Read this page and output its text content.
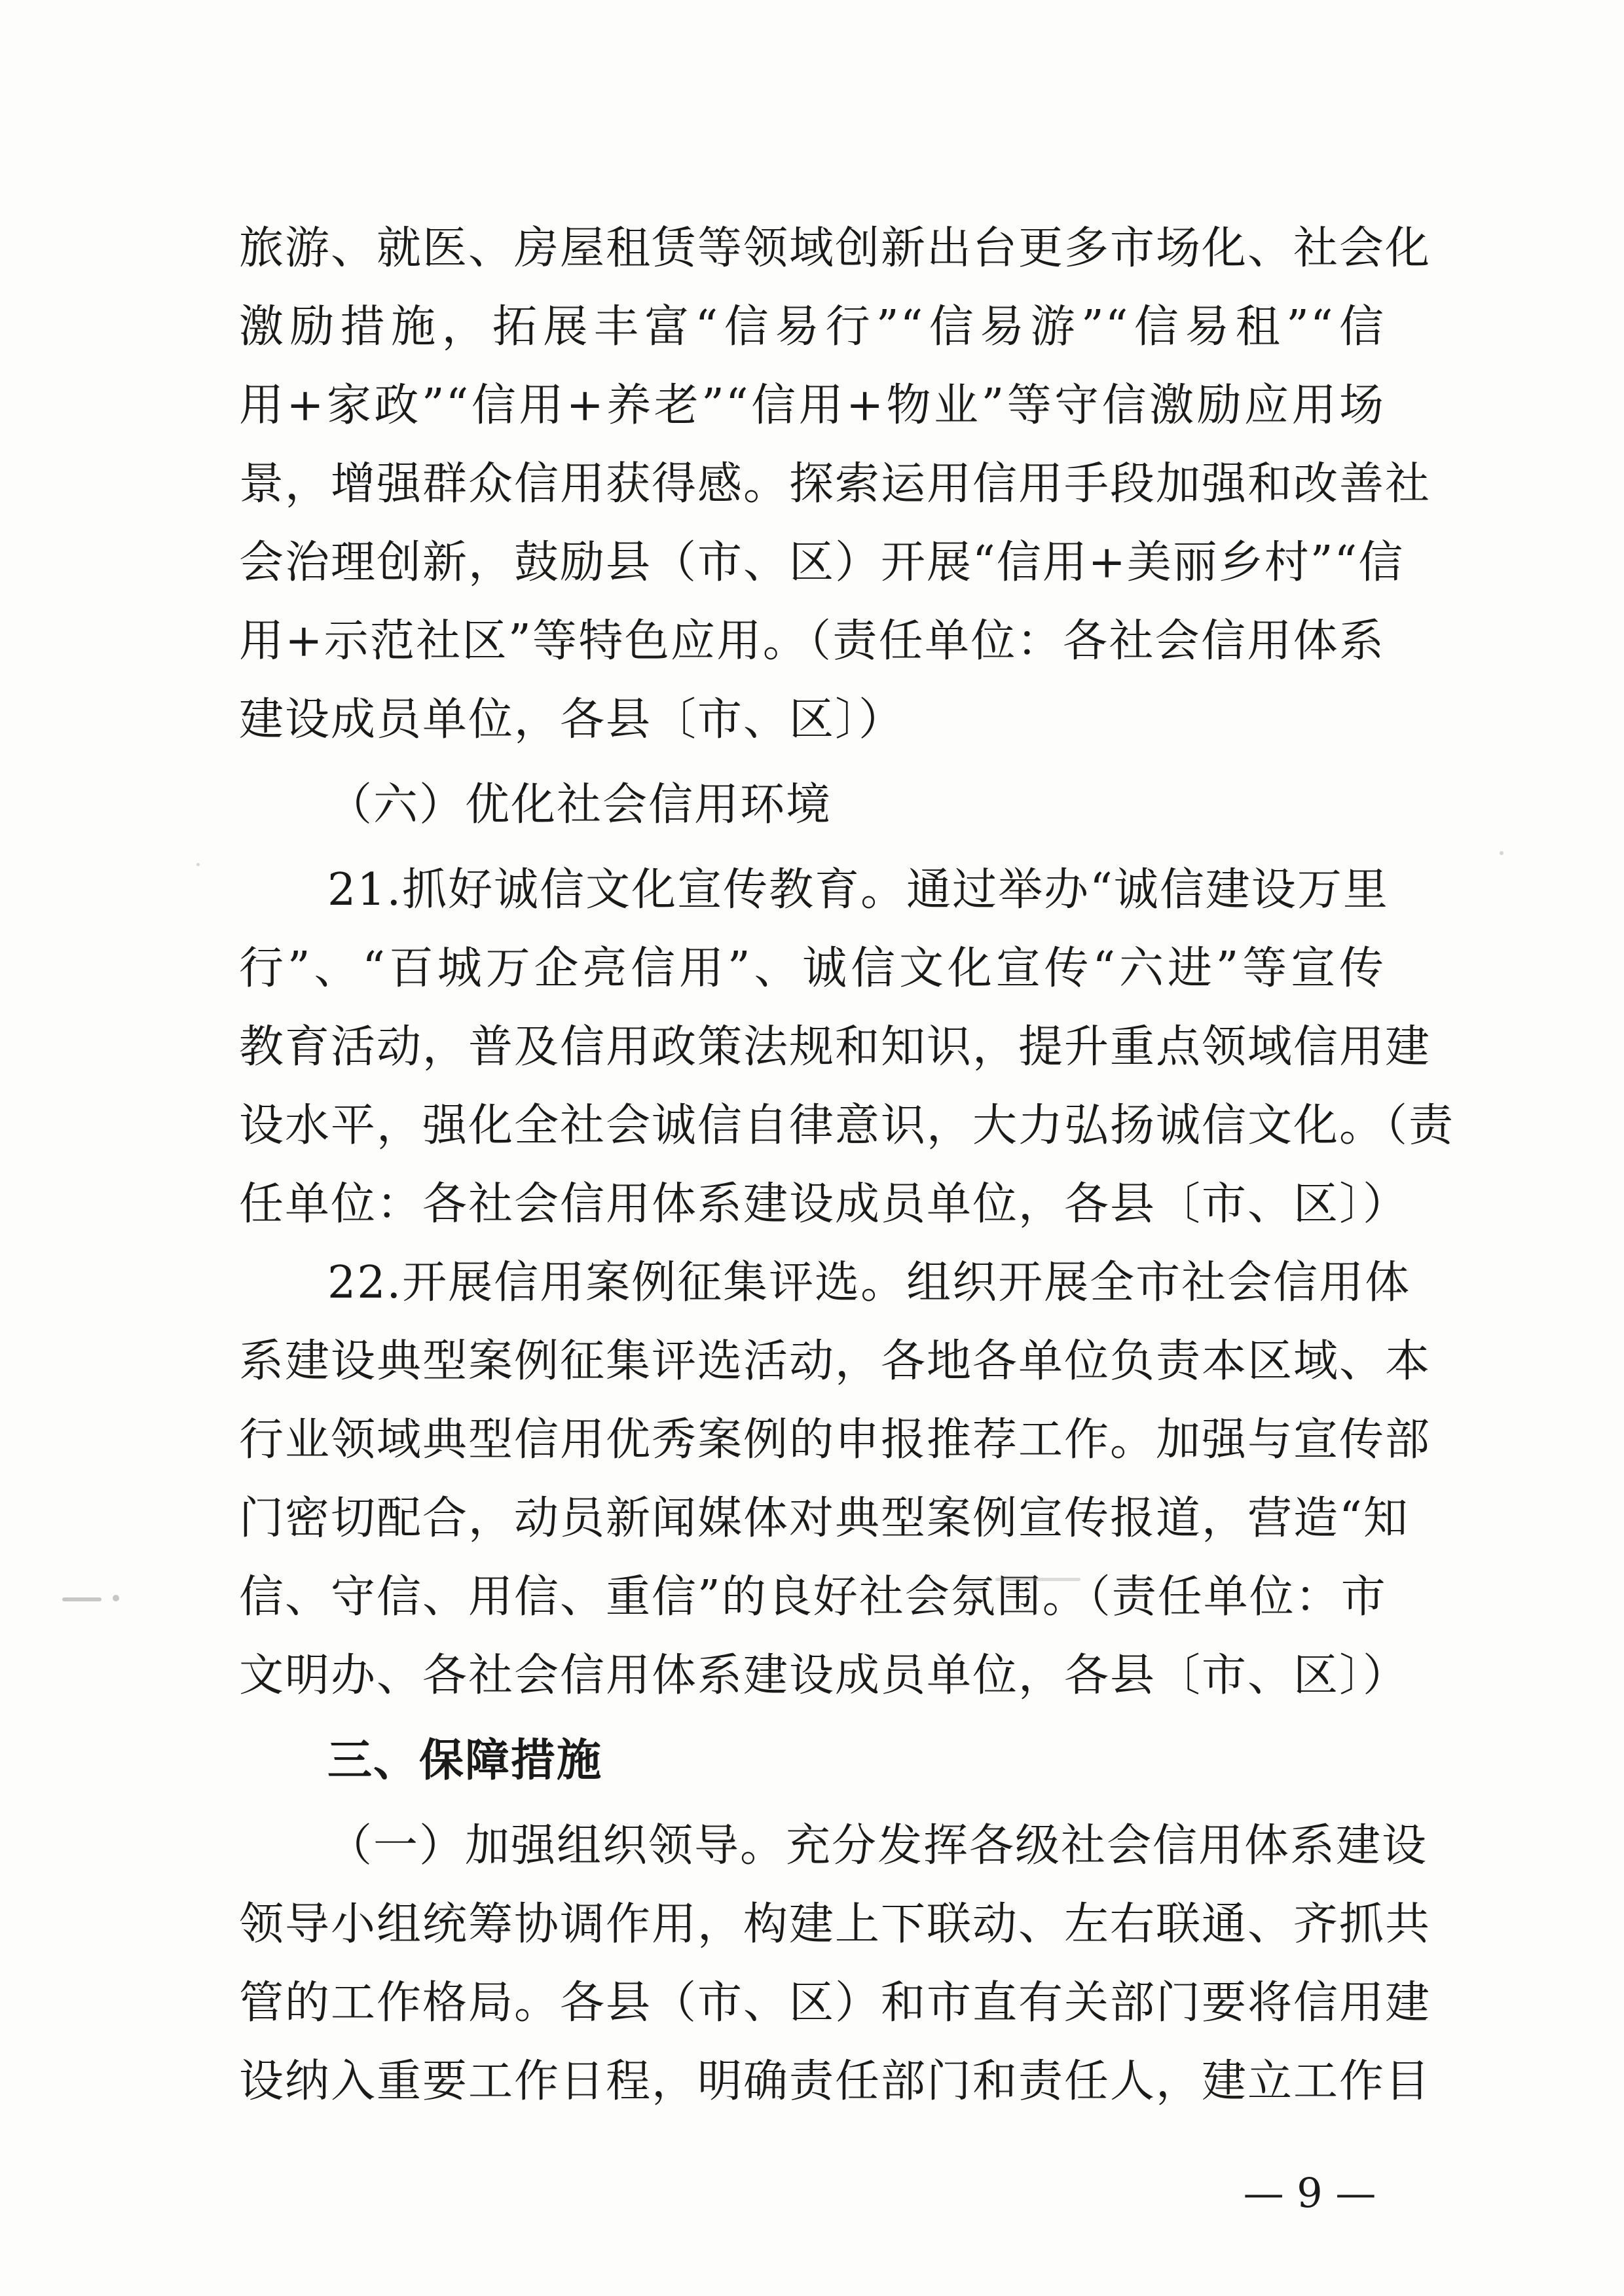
旅游、就医、房屋租赁等领域创新出台更多市场化、社会化
激励措施，拓展丰富“信易行”“信易游”“信易租”“信
用+家政”“信用+养老”“信用+物业”等守信激励应用场
景，增强群众信用获得感。探索运用信用手段加强和改善社
会治理创新，鼓励县（市、区）开展“信用+美丽乡村”“信
用+示范社区”等特色应用。（责任单位：各社会信用体系
建设成员单位，各县〔市、区〕）
（六）优化社会信用环境
21.抓好诚信文化宣传教育。通过举办“诚信建设万里
行”、“百城万企亮信用”、诚信文化宣传“六进”等宣传
教育活动，普及信用政策法规和知识，提升重点领域信用建
设水平，强化全社会诚信自律意识，大力弘扬诚信文化。（责
任单位：各社会信用体系建设成员单位，各县〔市、区〕）
22.开展信用案例征集评选。组织开展全市社会信用体
系建设典型案例征集评选活动，各地各单位负责本区域、本
行业领域典型信用优秀案例的申报推荐工作。加强与宣传部
门密切配合，动员新闻媒体对典型案例宣传报道，营造“知
信、守信、用信、重信”的良好社会氛围。（责任单位：市
文明办、各社会信用体系建设成员单位，各县〔市、区〕）
三、保障措施
（一）加强组织领导。充分发挥各级社会信用体系建设
领导小组统筹协调作用，构建上下联动、左右联通、齐抓共
管的工作格局。各县（市、区）和市直有关部门要将信用建
设纳入重要工作日程，明确责任部门和责任人，建立工作目
— 9 —
